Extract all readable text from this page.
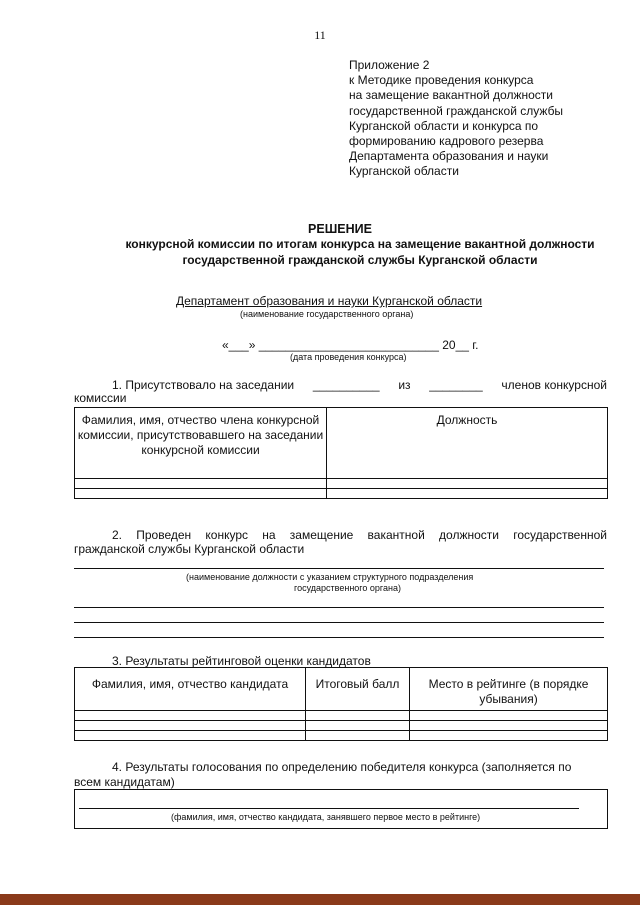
11
Приложение 2
к Методике проведения конкурса
на замещение вакантной должности
государственной гражданской службы
Курганской области и конкурса по
формированию кадрового резерва
Департамента образования и науки
Курганской области
РЕШЕНИЕ
конкурсной комиссии по итогам конкурса на замещение вакантной должности
государственной гражданской службы Курганской области
Департамент образования и науки Курганской области
(наименование государственного органа)
«___» ___________________________ 20__ г.
(дата проведения конкурса)
1. Присутствовало на заседании __________ из ________ членов конкурсной
комиссии
Фамилия, имя, отчество члена конкурсной комиссии, присутствовавшего на заседании конкурсной комиссии	Должность

2. Проведен конкурс на замещение вакантной должности государственной
гражданской службы Курганской области
(наименование должности с указанием структурного подразделения
государственного органа)
3. Результаты рейтинговой оценки кандидатов
Фамилия, имя, отчество кандидата	Итоговый балл	Место в рейтинге (в порядке убывания)

4. Результаты голосования по определению победителя конкурса (заполняется по
всем кандидатам)
(фамилия, имя, отчество кандидата, занявшего первое место в рейтинге)
